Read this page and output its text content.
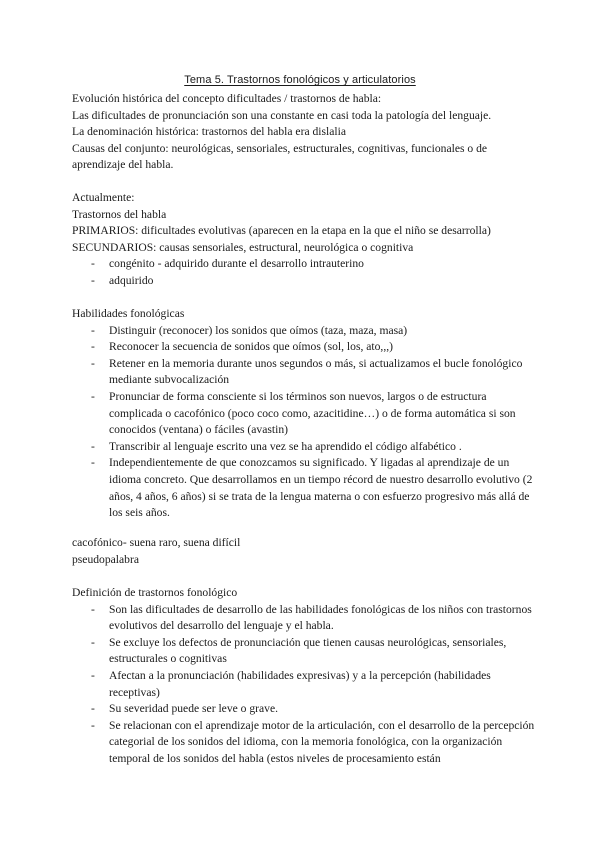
Tema 5. Trastornos fonológicos y articulatorios

Evolución histórica del concepto dificultades / trastornos de habla:

Las dificultades de pronunciación son una constante en casi toda la patología del lenguaje.

La denominación histórica: trastornos del habla era dislalia

Causas del conjunto: neurológicas, sensoriales, estructurales, cognitivas, funcionales o de aprendizaje del habla.

Actualmente:

Trastornos del habla

PRIMARIOS: dificultades evolutivas (aparecen en la etapa en la que el niño se desarrolla)

SECUNDARIOS: causas sensoriales, estructural, neurológica o cognitiva

- congénito - adquirido durante el desarrollo intrauterino

- adquirido

Habilidades fonológicas

- Distinguir (reconocer) los sonidos que oímos (taza, maza, masa)

- Reconocer la secuencia de sonidos que oímos (sol, los, ato,,,)

- Retener en la memoria durante unos segundos o más, si actualizamos el bucle fonológico mediante subvocalización

- Pronunciar de forma consciente si los términos son nuevos, largos o de estructura complicada o cacofónico (poco coco como, azacitidine…) o de forma automática si son conocidos (ventana) o fáciles (avastin)

- Transcribir al lenguaje escrito una vez se ha aprendido el código alfabético .

- Independientemente de que conozcamos su significado. Y ligadas al aprendizaje de un idioma concreto. Que desarrollamos en un tiempo récord de nuestro desarrollo evolutivo (2 años, 4 años, 6 años) si se trata de la lengua materna o con esfuerzo progresivo más allá de los seis años.

cacofónico- suena raro, suena difícil

pseudopalabra

Definición de trastornos fonológico

- Son las dificultades de desarrollo de las habilidades fonológicas de los niños con trastornos evolutivos del desarrollo del lenguaje y el habla.

- Se excluye los defectos de pronunciación que tienen causas neurológicas, sensoriales, estructurales o cognitivas

- Afectan a la pronunciación (habilidades expresivas) y a la percepción (habilidades receptivas)

- Su severidad puede ser leve o grave.

- Se relacionan con el aprendizaje motor de la articulación, con el desarrollo de la percepción categorial de los sonidos del idioma, con la memoria fonológica, con la organización temporal de los sonidos del habla (estos niveles de procesamiento están
